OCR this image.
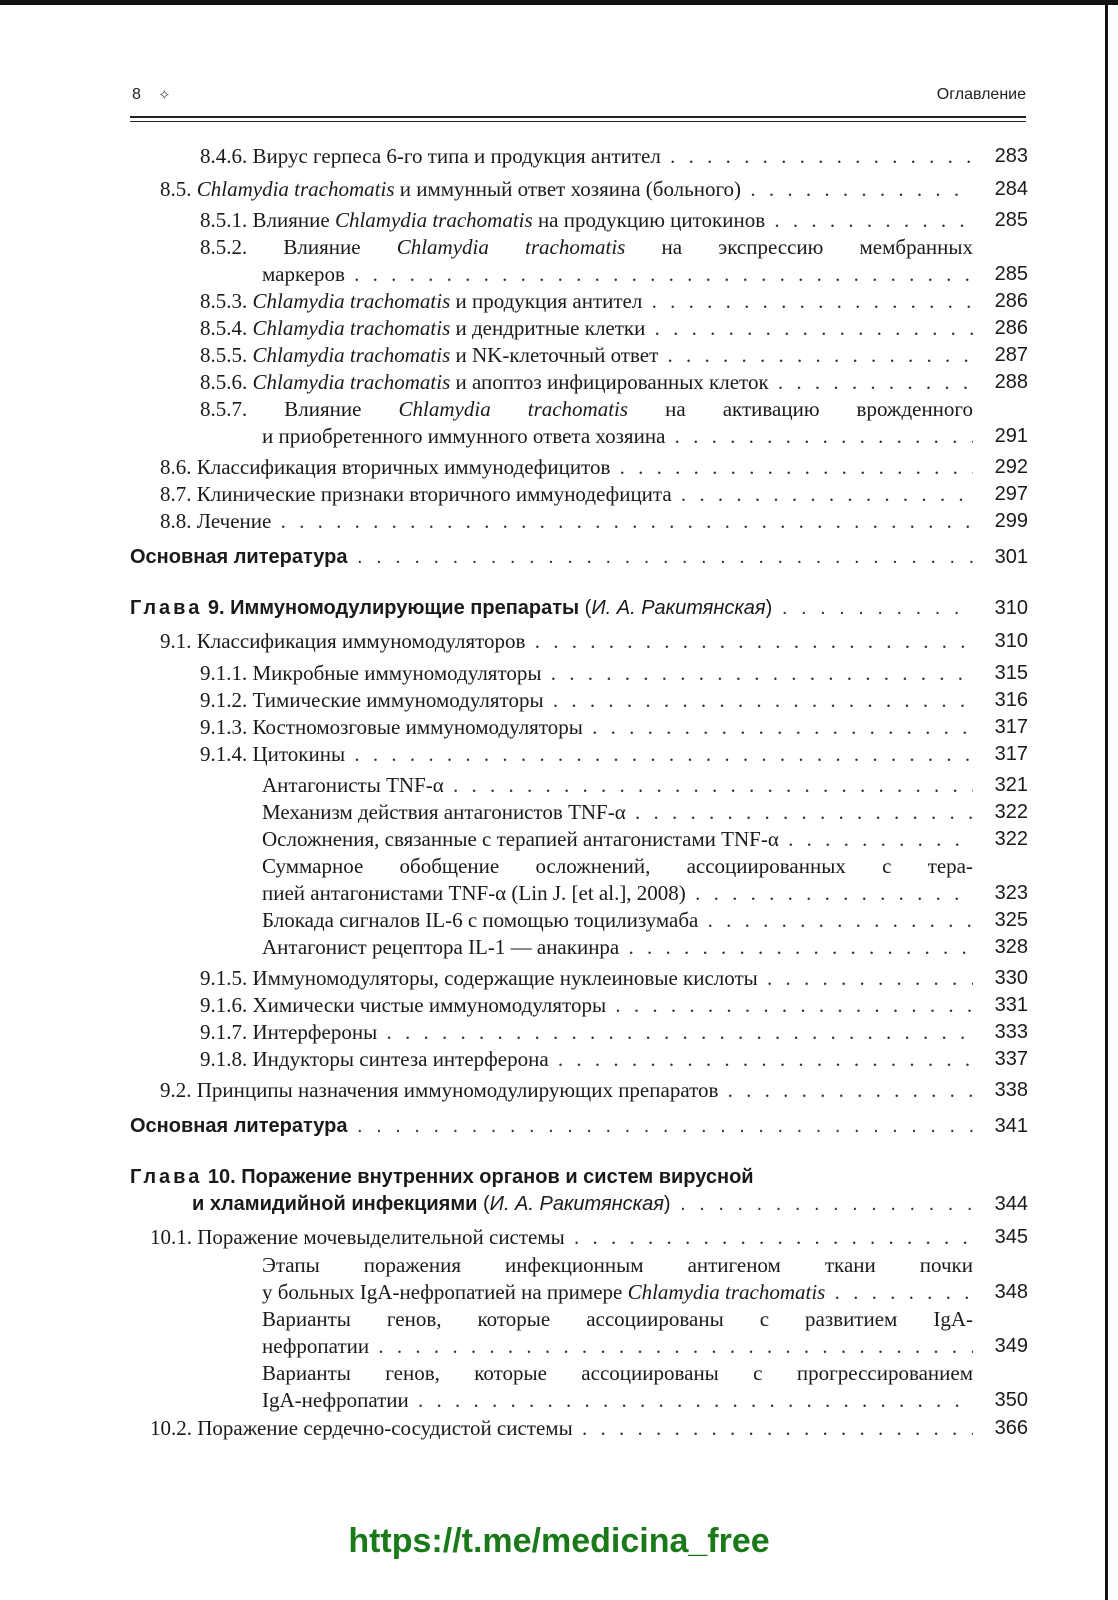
8 ✧	Оглавление
8.4.6. Вирус герпеса 6-го типа и продукция антител . . .	283
8.5. Chlamydia trachomatis и иммунный ответ хозяина (больного) . . .	284
8.5.1. Влияние Chlamydia trachomatis на продукцию цитокинов . . .	285
8.5.2. Влияние Chlamydia trachomatis на экспрессию мембранных
маркеров . . .	285
8.5.3. Chlamydia trachomatis и продукция антител . . .	286
8.5.4. Chlamydia trachomatis и дендритные клетки . . .	286
8.5.5. Chlamydia trachomatis и NK-клеточный ответ . . .	287
8.5.6. Chlamydia trachomatis и апоптоз инфицированных клеток . . .	288
8.5.7. Влияние Chlamydia trachomatis на активацию врожденного
и приобретенного иммунного ответа хозяина . . .	291
8.6. Классификация вторичных иммунодефицитов . . .	292
8.7. Клинические признаки вторичного иммунодефицита . . .	297
8.8. Лечение . . .	299
Основная литература . . .	301
Глава 9. Иммуномодулирующие препараты (И. А. Ракитянская) . . .	310
9.1. Классификация иммуномодуляторов . . .	310
9.1.1. Микробные иммуномодуляторы . . .	315
9.1.2. Тимические иммуномодуляторы . . .	316
9.1.3. Костномозговые иммуномодуляторы . . .	317
9.1.4. Цитокины . . .	317
Антагонисты TNF-α . . .	321
Механизм действия антагонистов TNF-α . . .	322
Осложнения, связанные с терапией антагонистами TNF-α . . .	322
Суммарное обобщение осложнений, ассоциированных с тера-
пией антагонистами TNF-α (Lin J. [et al.], 2008) . . .	323
Блокада сигналов IL-6 с помощью тоцилизумаба . . .	325
Антагонист рецептора IL-1 — анакинра . . .	328
9.1.5. Иммуномодуляторы, содержащие нуклеиновые кислоты . . .	330
9.1.6. Химически чистые иммуномодуляторы . . .	331
9.1.7. Интерфероны . . .	333
9.1.8. Индукторы синтеза интерферона . . .	337
9.2. Принципы назначения иммуномодулирующих препаратов . . .	338
Основная литература . . .	341
Глава 10. Поражение внутренних органов и систем вирусной
и хламидийной инфекциями (И. А. Ракитянская) . . .	344
10.1. Поражение мочевыделительной системы . . .	345
Этапы поражения инфекционным антигеном ткани почки
у больных IgA-нефропатией на примере Chlamydia trachomatis . . .	348
Варианты генов, которые ассоциированы с развитием IgA-
нефропатии . . .	349
Варианты генов, которые ассоциированы с прогрессированием
IgA-нефропатии . . .	350
10.2. Поражение сердечно-сосудистой системы . . .	366
https://t.me/medicina_free
